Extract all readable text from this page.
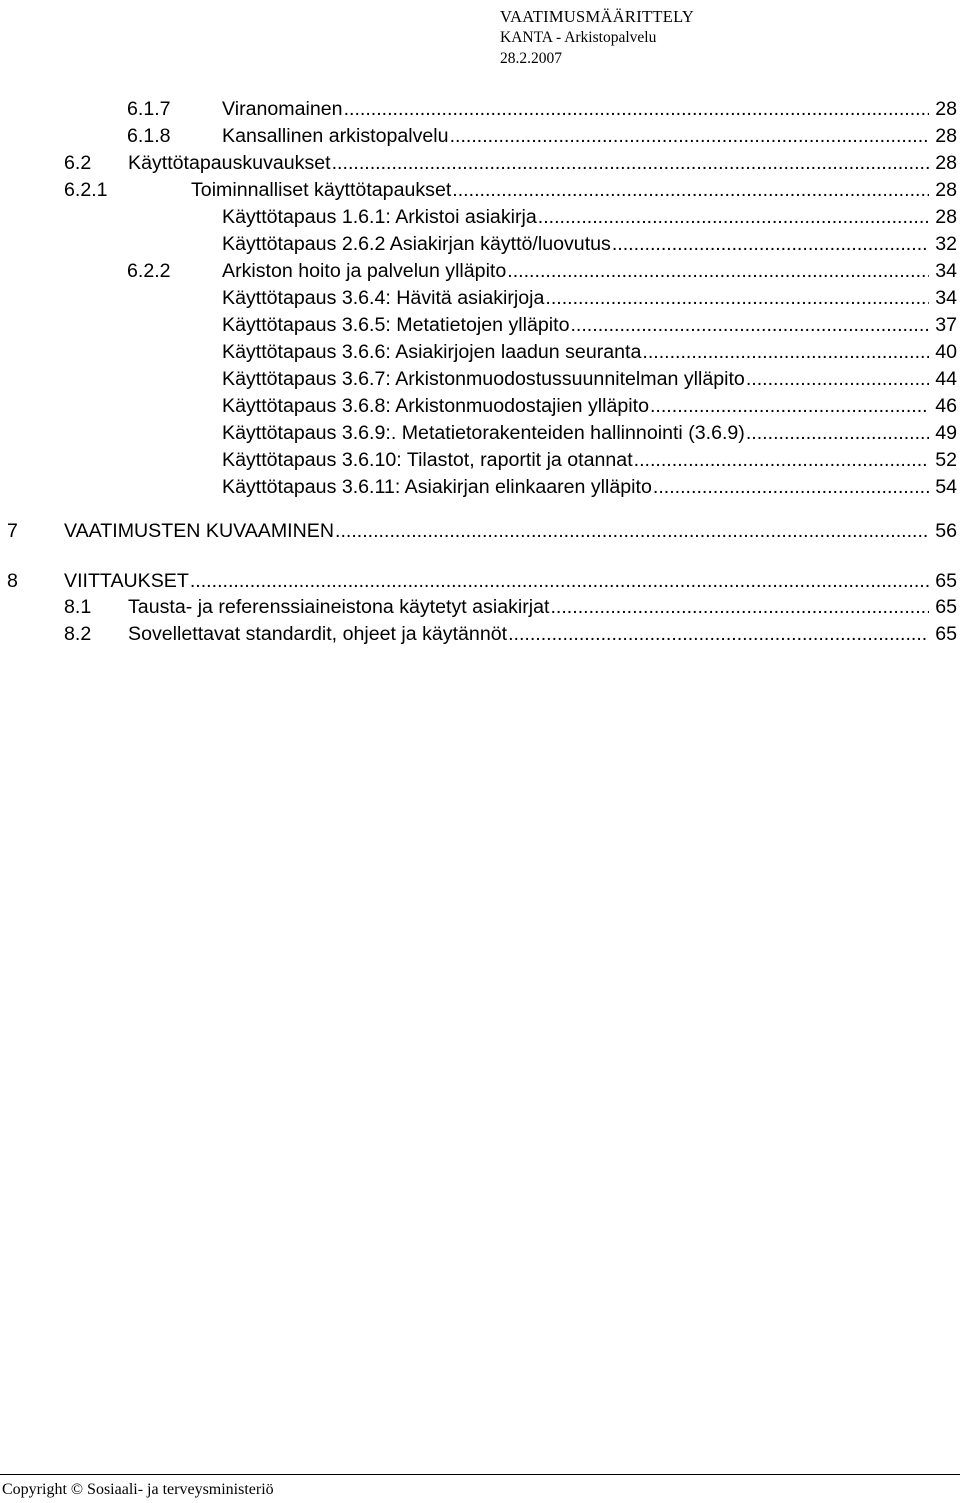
VAATIMUSMÄÄRITTELY
KANTA - Arkistopalvelu
28.2.2007
6.1.7	Viranomainen .....	28
6.1.8	Kansallinen arkistopalvelu .....	28
6.2	Käyttötapauskuvaukset .....	28
6.2.1	Toiminnalliset käyttötapaukset .....	28
Käyttötapaus 1.6.1: Arkistoi asiakirja .....	28
Käyttötapaus 2.6.2 Asiakirjan käyttö/luovutus .....	32
6.2.2	Arkiston hoito ja palvelun ylläpito .....	34
Käyttötapaus 3.6.4: Hävitä asiakirjoja .....	34
Käyttötapaus 3.6.5: Metatietojen ylläpito .....	37
Käyttötapaus 3.6.6: Asiakirjojen laadun seuranta .....	40
Käyttötapaus 3.6.7: Arkistonmuodostussuunnitelman ylläpito .....	44
Käyttötapaus 3.6.8: Arkistonmuodostajien ylläpito .....	46
Käyttötapaus 3.6.9:. Metatietorakenteiden hallinnointi (3.6.9) .....	49
Käyttötapaus 3.6.10: Tilastot, raportit ja otannat .....	52
Käyttötapaus 3.6.11: Asiakirjan elinkaaren ylläpito .....	54
7	VAATIMUSTEN KUVAAMINEN .....	56
8	VIITTAUKSET .....	65
8.1	Tausta- ja referenssiaineistona käytetyt asiakirjat .....	65
8.2	Sovellettavat standardit, ohjeet ja käytännöt .....	65
Copyright © Sosiaali- ja terveysministeriö
